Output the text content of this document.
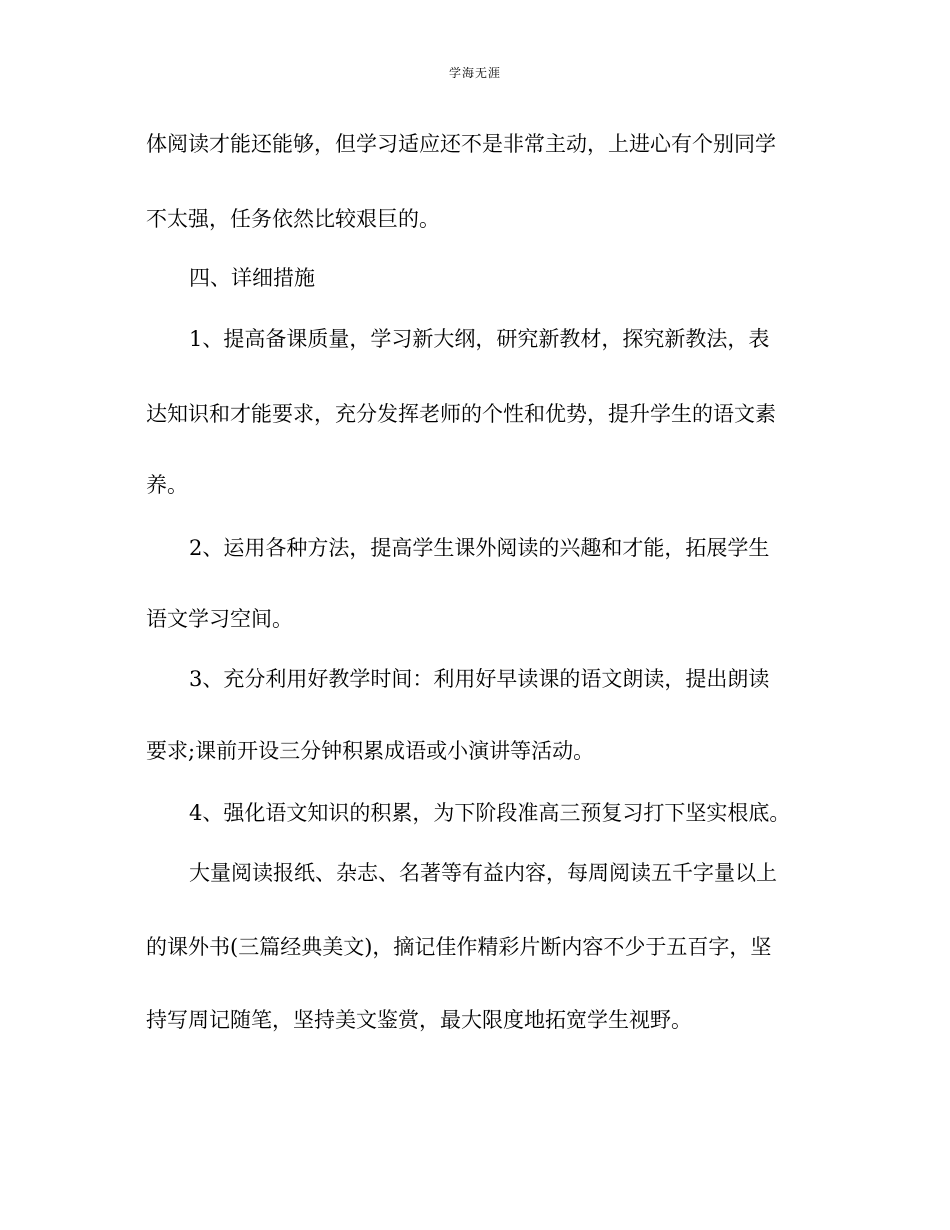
学海无涯
体阅读才能还能够，但学习适应还不是非常主动，上进心有个别同学
不太强，任务依然比较艰巨的。
四、详细措施
1、提高备课质量，学习新大纲，研究新教材，探究新教法，表
达知识和才能要求，充分发挥老师的个性和优势，提升学生的语文素
养。
2、运用各种方法，提高学生课外阅读的兴趣和才能，拓展学生
语文学习空间。
3、充分利用好教学时间：利用好早读课的语文朗读，提出朗读
要求;课前开设三分钟积累成语或小演讲等活动。
4、强化语文知识的积累，为下阶段准高三预复习打下坚实根底。
大量阅读报纸、杂志、名著等有益内容，每周阅读五千字量以上
的课外书(三篇经典美文)，摘记佳作精彩片断内容不少于五百字，坚
持写周记随笔，坚持美文鉴赏，最大限度地拓宽学生视野。
